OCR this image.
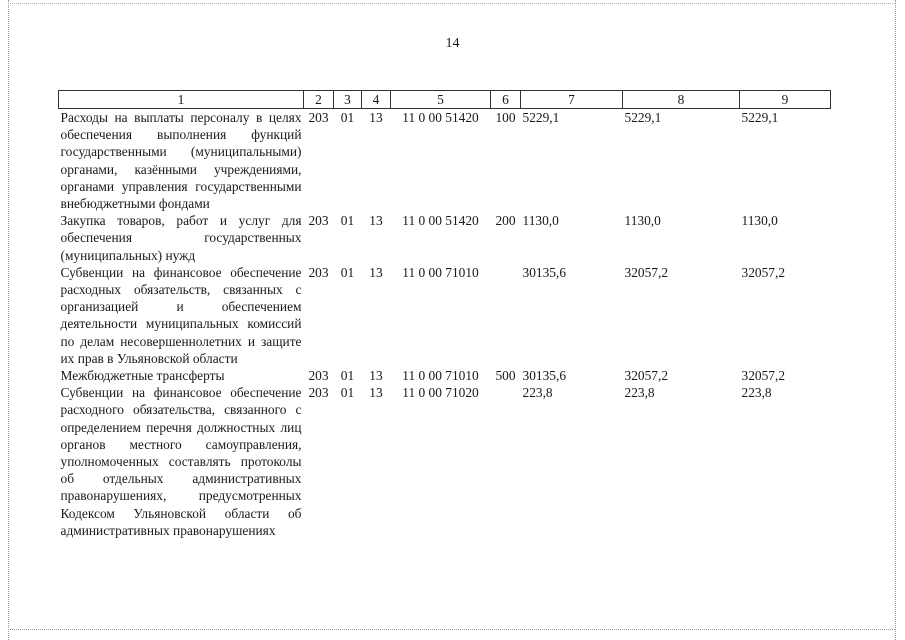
14
1	2	3	4	5	6	7	8	9
Расходы на выплаты персоналу в целях обеспечения выполнения функций государственными (муниципальными) органами, казёнными учреждениями, органами управления государственными внебюджетными фондами	203	01	13	11 0 00 51420	100	5229,1	5229,1	5229,1
Закупка товаров, работ и услуг для обеспечения государственных (муниципальных) нужд	203	01	13	11 0 00 51420	200	1130,0	1130,0	1130,0
Субвенции на финансовое обеспечение расходных обязательств, связанных с организацией и обеспечением деятельности муниципальных комиссий по делам несовершеннолетних и защите их прав в Ульяновской области	203	01	13	11 0 00 71010		30135,6	32057,2	32057,2
Межбюджетные трансферты	203	01	13	11 0 00 71010	500	30135,6	32057,2	32057,2
Субвенции на финансовое обеспечение расходного обязательства, связанного с определением перечня должностных лиц органов местного самоуправления, уполномоченных составлять протоколы об отдельных административных правонарушениях, предусмотренных Кодексом Ульяновской области об административных правонарушениях	203	01	13	11 0 00 71020		223,8	223,8	223,8
